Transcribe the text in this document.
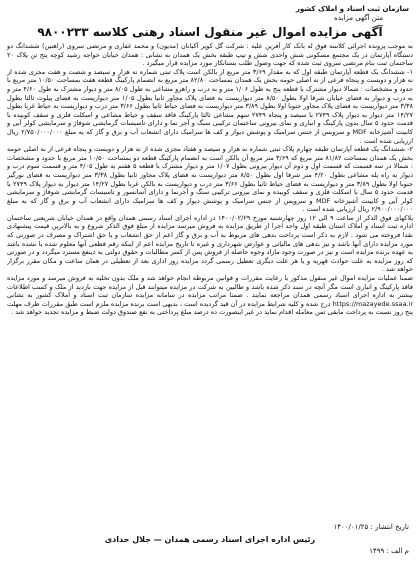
سازمان ثبت اسناد و املاک کشور
متن آگهی مزایده
آگهی مزایده اموال غیر منقول اسناد رهنی کلاسه ۹۸۰۰۲۳۳

به موجب پرونده اجرائی کلاسه فوق له بانک کار آفرین علیه : شرکت گل کوپر آکبانان (مدیون) و محمد غفاری و مرتضی سروی (راهنین) ششدانگ دو دستگاه آپارتمان در یک مجتمع مسکونی شش واحدی شش و تیپ طبقه بخش یک همدان به نشانی : همدان خیابان خواجه رشید کوچه پنج تن پلاک ۲۰ ساختمان ثبت بنام مرتضی سروی ثبت شده که جهت وصول طلب بستانکار مورد مزایده قرار میگیرد .

۱- ششدانگ یک قطعه آپارتمان طبقه اول که به مقدار ۳/۶۹ متر مربع از بالکن است پلاک ثبتی شماره نه هزار و سیصد و شصت و هفت مجزی شده از نه هزار و دویست و پنجاه فرعی از نه اصلی حومه بخش یک همدان بمساحت ۸۲/۸۰ متر مربع به انضمام پارکینگ قطعه هفت بمساحت ۱۰/۵۰ متر مربع با حدود و مشخصات : شمالا دیوار مشترک با قطعه پنج به طول ۱/۰۶ متر و به درب و راهرو مشاعی به طول ۸/۰۵ متر و دیوار مشترک به طول ۴/۶۰ متر و به درب و دیوار به فضای خیابان شرقا اولا بطول ۸/۵۰ متر دیواریست به فضای پلاک مجاور ثانیا بطول ۱/۰۵ متر دیواریست به فضای پیلوت ثالثا بطول ۳/۳۸ متر دیواریست به فضای پلاک مجاور جنوبا اولا بطول ۳/۸۹ متر دیواریست به فضای حیاط ثانیا بطول ۳/۶۶ متر درب و دیواریست به حیاط غربا بطول ۱۴/۲۷ متر دیوار به دیوار پلاک ۲۷۴۹ با سیصد و پنجاه ۲۷۴۹ سهم مشاعی ثالثا پارکینگ فاقد سقف و حیاط مشاعی و اسکلت فلزی و سقف کوبیده با قدمت حدود ۵ سال بدون پارکینگ و انباری و نمای بیرونی ساختمان ترکیبی سنگ و آجر نما و دارای تاسیسات گرمایشی شوفاژ و سرمایشی کولر آبی و کابینت آشپزخانه MDF و سرویس از جنس سرامیک و پوشش دیوار و کف ها سرامیک دارای انشعاب آب و برق و گاز که به مبلغ ۲/۷۵۰/۰۰۰/۰۰۰ ریال ارزیابی شده است .

۲- ششدانگ یک قطعه آپارتمان طبقه چهارم پلاک ثبتی شماره نه هزار و سیصد و هفتاد مجزی شده از نه هزار و دویست و پنجاه فرعی از نه اصلی حومه بخش یک همدان بمساحت ۸۱/۸۲ متر مربع که ۳/۶۹ متر مربع آن بالکن است به انضمام پارکینگ قطعه دو بمساحت ۱۰/۵۰ متر مربع با حدود و مشخصات : شمالا در سه قسمت که قسمت اول و دوم آن دیوار بیرونی بطول ۱/۰۷ متر و دیوار مشترک با قطعه ۵ هفتم به طول ۴/۰۵ متر و قسمت سوم درب و دیوار به راه پله مشاعی بطول ۴/۲۰ متر شرقا اول بطول ۸/۵۰ متر دیواریست به فضای پلاک مجاور ثانیا بطول ۳/۳۸ متر دیواریست به فضای نورگیر جنوبا اولا بطول ۳/۸۹ متر و دیواریست به فضای حیاط ثانیا بطول ۳/۶۶ متر درب و دیواریست به بالکن غربا بطول ۱۴/۲۷ متر دیوار به دیوار پلاک ۲۷۴۹ با قدمت حدود ۵ سال با اسکلت فلزی و سقف کوبیده و نمای بیرونی ترکیبی سنگ و آجرنما و دارای آسانسور و تاسیسات گرمایشی شوفاژ و سرمایشی کولر آبی و کابینت آشپزخانه MDF و سرویس از جنس سرامیک و پوشش دیوار و کف ها سرامیک دارای انشعاب آب و برق و گاز که به مبلغ ۲/۹۰۰/۰۰۰/۰۰۰ ریال ارزیابی شده است .

پلاکهای فوق الذکر از ساعت ۹ الی ۱۲ روز چهارشنبه مورخ ۱۴۰۰/۰۲/۲۹ در اداره اجرای اسناد رسمی همدان واقع در همدان خیابان شریعتی ساختمان اداره ثبت اسناد و املاک استان طبقه اول واحد اجرا از طریق مزایده به فروش میرسد مزایده از مبلغ فوق الذکر شروع و به بالاترین قیمت پیشنهادی نقدا فروخته می شود . لازم به ذکر است پرداخت بدهی های مربوط به آب و برق و گاز اعم از حق انشعاب و یا حق اشتراک و مصرف در صورتی که مورد مزایده دارای آنها باشد و نیز بدهی های مالیاتی و عوارض شهرداری و غیره تا تاریخ مزایده اعم از اینکه رقم قطعی آنها معلوم شده یا نشده باشد به عهده برنده مزایده است و نیز در صورت وجود مازاد وجوه حاصله از فروش پس از کسر مطالبات و حقوق دولتی به ذینفع مسترد میگردد و در صورتی که روز مزایده به علت حوادث قهریه و یا هر علت دیگری تعطیل رسمی گردد مزایده روز اداری بعد از تعطیلی در همان ساعت و مکان مقرر برگزار خواهد شد .

ضمنا عملیات مزایده اموال غیر منقول مذکور با رعایت مقررات و قوانین مربوطه انجام خواهد شد و ملک بدون تخلیه به فروش میرسد و مورد مزایده فاقد پارکینگ و انباری است مگر آنچه در سند ذکر شده باشد و طالبین به شرکت در مزایده میتوانند قبل از مزایده جهت بازدید از ملک و کسب اطلاعات بیشتر به اداره اجرای اسناد رسمی همدان مراجعه نمایند . ضمنا مراتب مزایده در سامانه مزایده سازمان ثبت اسناد و املاک کشور به نشانی https://mazayede.ssaa.ir درج شده و کلیه شرایط مزایده در آن قید گردیده است ، بدیهی است برنده مزایده ملزم است طبق مقررات ظرف مهلت پنج روز نسبت به پرداخت مابقی ثمن معامله اقدام نماید در غیر اینصورت ده درصد مبلغ پرداختی به نفع صندوق دولت ضبط و مزایده تجدید خواهد شد .

تاریخ انتشار : ۱۴۰۰/۰۱/۲۵
رئیس اداره اجرای اسناد رسمی همدان — جلال حدادی
م الف : ۱۴۹۹
